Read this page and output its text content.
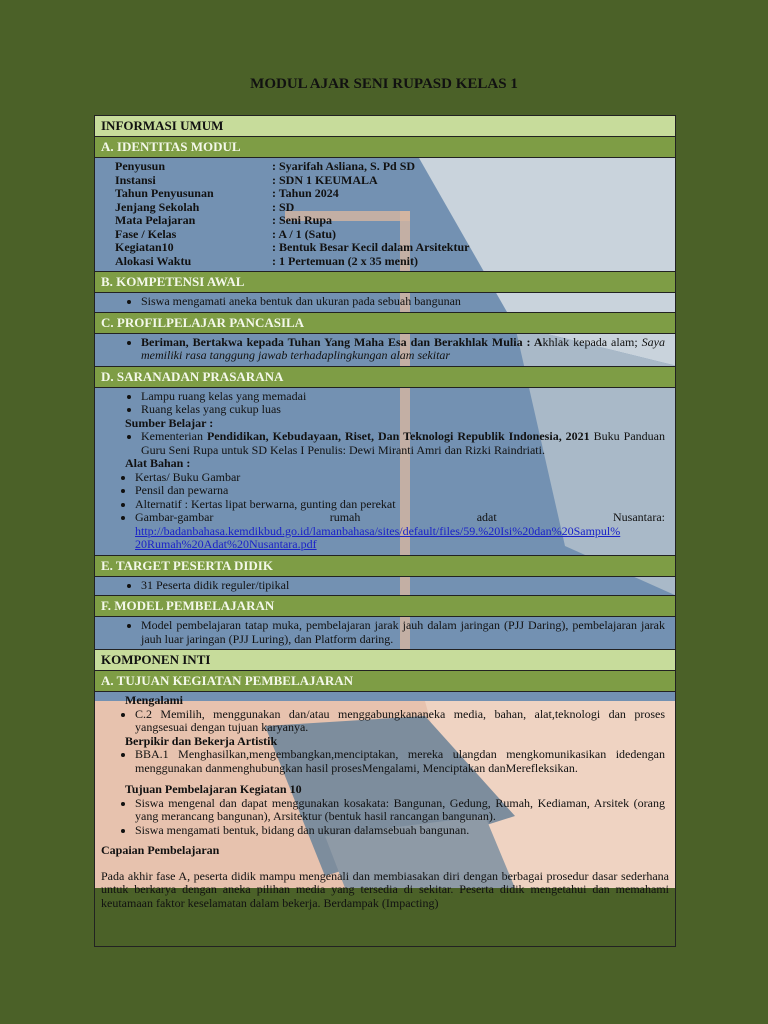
MODUL AJAR SENI RUPASD KELAS 1
INFORMASI UMUM
A. IDENTITAS MODUL
Penyusun	: Syarifah Asliana, S. Pd SD
Instansi	: SDN 1 KEUMALA
Tahun Penyusunan	: Tahun 2024
Jenjang Sekolah	: SD
Mata Pelajaran	: Seni Rupa
Fase / Kelas	: A / 1 (Satu)
Kegiatan10	: Bentuk Besar Kecil dalam Arsitektur
Alokasi Waktu	: 1 Pertemuan (2 x 35 menit)
B. KOMPETENSI AWAL
• Siswa mengamati aneka bentuk dan ukuran pada sebuah bangunan
C. PROFILPELAJAR PANCASILA
• Beriman, Bertakwa kepada Tuhan Yang Maha Esa dan Berakhlak Mulia : Akhlak kepada alam; Saya memiliki rasa tanggung jawab terhadaplingkungan alam sekitar
D. SARANADAN PRASARANA
• Lampu ruang kelas yang memadai
• Ruang kelas yang cukup luas
Sumber Belajar :
• Kementerian Pendidikan, Kebudayaan, Riset, Dan Teknologi Republik Indonesia, 2021 Buku Panduan Guru Seni Rupa untuk SD Kelas I Penulis: Dewi Miranti Amri dan Rizki Raindriati.
Alat Bahan :
• Kertas/ Buku Gambar
• Pensil dan pewarna
• Alternatif : Kertas lipat berwarna, gunting dan perekat
• Gambar-gambar rumah adat Nusantara:
http://badanbahasa.kemdikbud.go.id/lamanbahasa/sites/default/files/59.%20Isi%20dan%20Sampul%20Rumah%20Adat%20Nusantara.pdf
E. TARGET PESERTA DIDIK
• 31 Peserta didik reguler/tipikal
F. MODEL PEMBELAJARAN
• Model pembelajaran tatap muka, pembelajaran jarak jauh dalam jaringan (PJJ Daring), pembelajaran jarak jauh luar jaringan (PJJ Luring), dan Platform daring.
KOMPONEN INTI
A. TUJUAN KEGIATAN PEMBELAJARAN
Mengalami
• C.2 Memilih, menggunakan dan/atau menggabungkananeka media, bahan, alat,teknologi dan proses yangsesuai dengan tujuan karyanya.
Berpikir dan Bekerja Artistik
• BBA.1 Menghasilkan,mengembangkan,menciptakan, mereka ulangdan mengkomunikasikan idedengan menggunakan danmenghubungkan hasil prosesMengalami, Menciptakan danMerefleksikan.
Tujuan Pembelajaran Kegiatan 10
• Siswa mengenal dan dapat menggunakan kosakata: Bangunan, Gedung, Rumah, Kediaman, Arsitek (orang yang merancang bangunan), Arsitektur (bentuk hasil rancangan bangunan).
• Siswa mengamati bentuk, bidang dan ukuran dalamsebuah bangunan.
Capaian Pembelajaran
Pada akhir fase A, peserta didik mampu mengenali dan membiasakan diri dengan berbagai prosedur dasar sederhana untuk berkarya dengan aneka pilihan media yang tersedia di sekitar. Peserta didik mengetahui dan memahami keutamaan faktor keselamatan dalam bekerja. Berdampak (Impacting)
